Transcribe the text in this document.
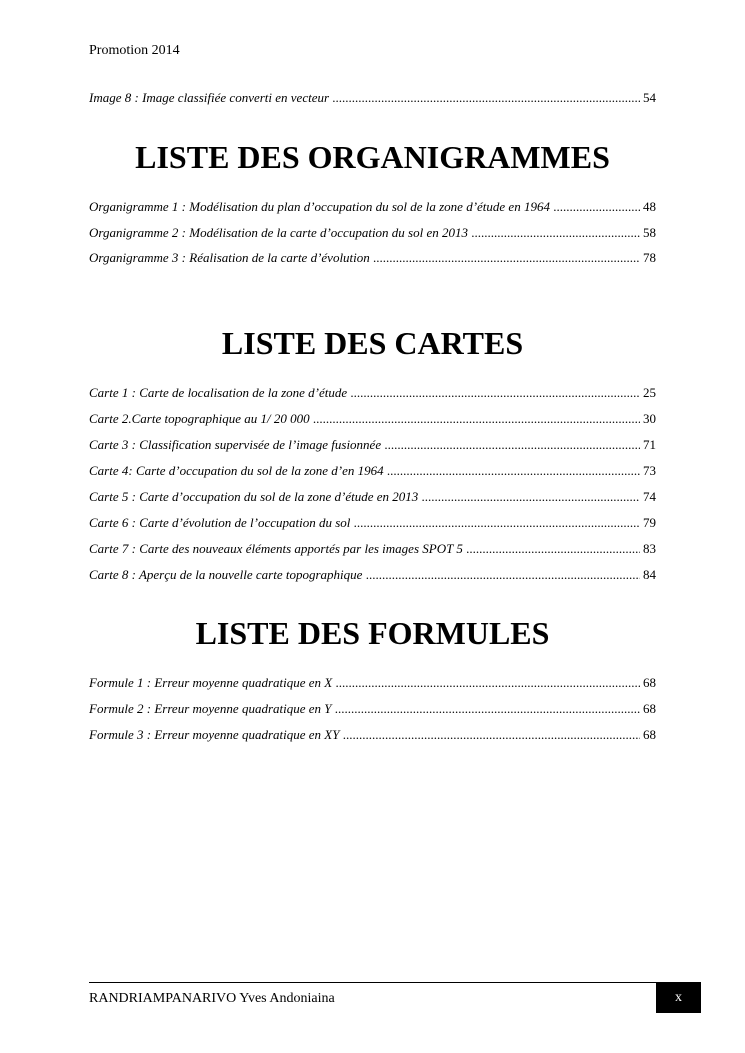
Promotion 2014
Image 8 : Image classifiée converti en vecteur .....	54
LISTE DES ORGANIGRAMMES
Organigramme 1 : Modélisation du plan d’occupation du sol de la zone d’étude en 1964 .....	48
Organigramme 2 : Modélisation de la carte d’occupation du sol en 2013 .....	58
Organigramme 3 : Réalisation de la carte d’évolution .....	78
LISTE DES CARTES
Carte 1 : Carte de localisation de la zone d’étude .....	25
Carte 2.Carte topographique au 1/ 20 000 .....	30
Carte 3 : Classification supervisée de l’image fusionnée .....	71
Carte 4: Carte d’occupation du sol de la zone d’en 1964 .....	73
Carte 5 : Carte d’occupation du sol de la zone d’étude en 2013 .....	74
Carte 6 : Carte d’évolution de l’occupation du sol .....	79
Carte 7 : Carte des nouveaux éléments apportés par les images SPOT 5 .....	83
Carte 8 : Aperçu de la nouvelle carte topographique .....	84
LISTE DES FORMULES
Formule 1 : Erreur moyenne quadratique en X .....	68
Formule 2 : Erreur moyenne quadratique en Y .....	68
Formule 3 : Erreur moyenne quadratique en XY .....	68
RANDRIAMPANARIVO Yves Andoniaina	x
